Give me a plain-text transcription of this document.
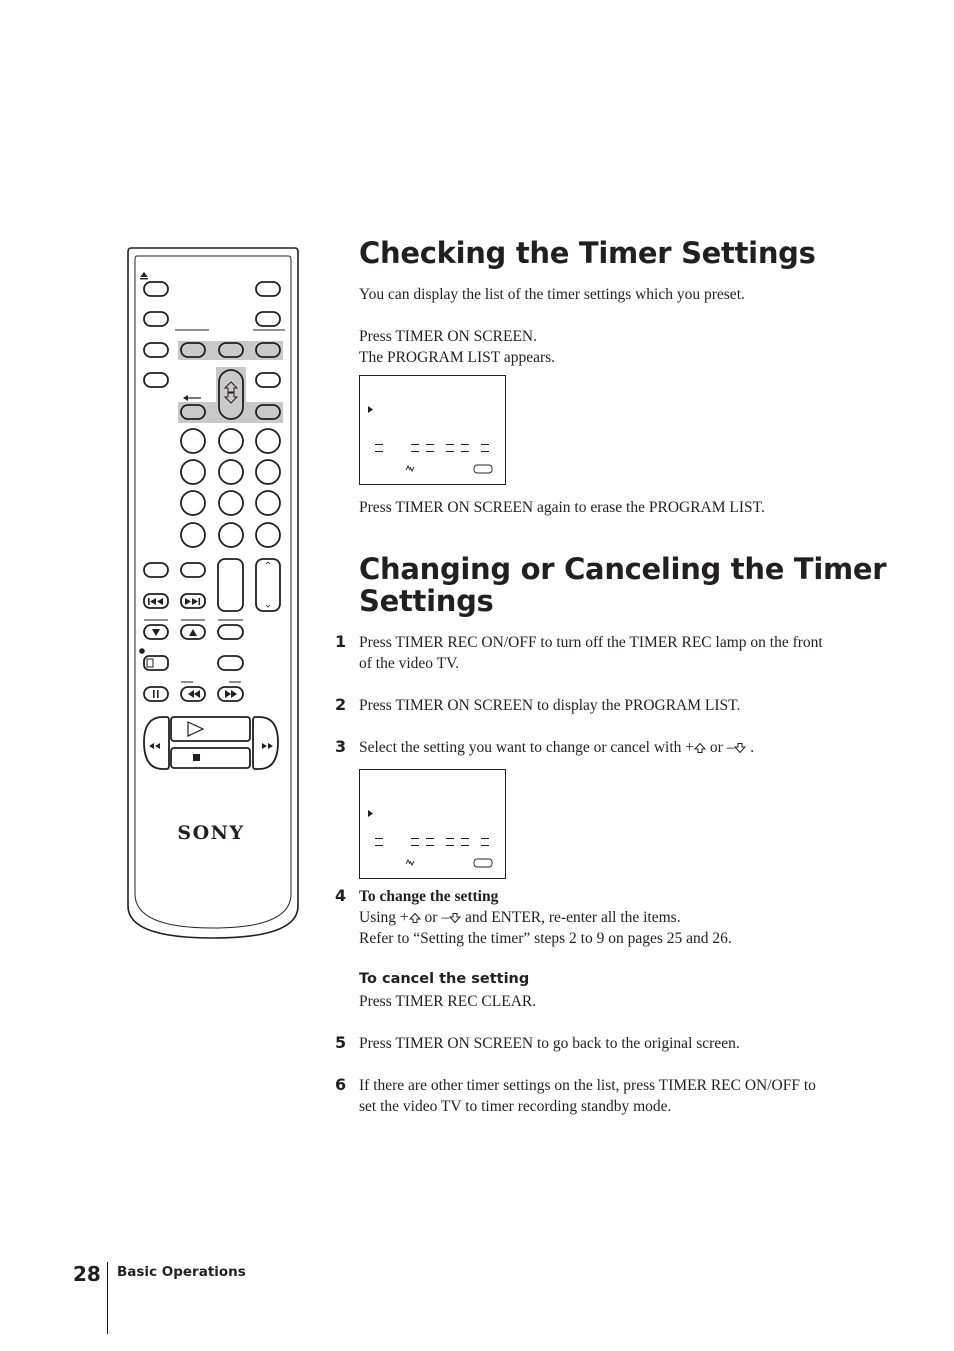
SONY
Checking the Timer Settings
You can display the list of the timer settings which you preset.
Press TIMER ON SCREEN.
The PROGRAM LIST appears.
Press TIMER ON SCREEN again to erase the PROGRAM LIST.
Changing or Canceling the Timer
Settings
1 Press TIMER REC ON/OFF to turn off the TIMER REC lamp on the front
of the video TV.
2 Press TIMER ON SCREEN to display the PROGRAM LIST.
3 Select the setting you want to change or cancel with + or – .
4 To change the setting
Using + or – and ENTER, re-enter all the items.
Refer to “Setting the timer” steps 2 to 9 on pages 25 and 26.
To cancel the setting
Press TIMER REC CLEAR.
5 Press TIMER ON SCREEN to go back to the original screen.
6 If there are other timer settings on the list, press TIMER REC ON/OFF to
set the video TV to timer recording standby mode.
28 Basic Operations
